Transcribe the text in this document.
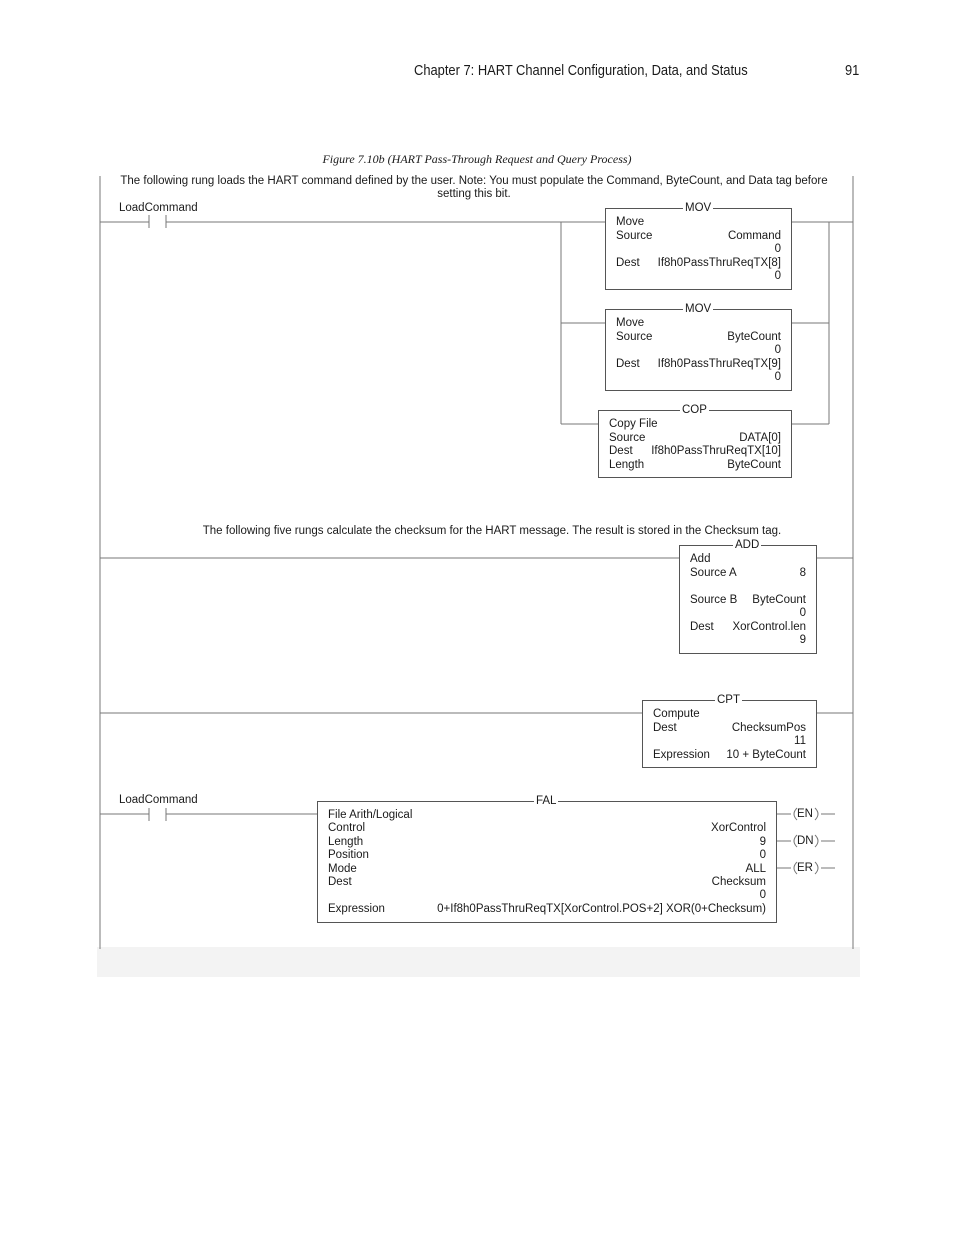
Chapter 7: HART Channel Configuration, Data, and Status	91
Figure 7.10b (HART Pass-Through Request and Query Process)
The following rung loads the HART command defined by the user. Note: You must populate the Command, ByteCount, and Data tag before setting this bit.
LoadCommand	MOV
Move
Source	Command
0
Dest If8h0PassThruReqTX[8]
0
MOV
Move
Source	ByteCount
0
Dest If8h0PassThruReqTX[9]
0
COP
Copy File
Source	DATA[0]
Dest If8h0PassThruReqTX[10]
Length	ByteCount
The following five rungs calculate the checksum for the HART message. The result is stored in the Checksum tag.
ADD
Add
Source A	8
Source B ByteCount
0
Dest XorControl.len
9
CPT
Compute
Dest	ChecksumPos
11
Expression 10 + ByteCount
LoadCommand	FAL
File Arith/Logical
Control	XorControl
Length	9
Position	0
Mode	ALL
Dest	Checksum
0
Expression	0+If8h0PassThruReqTX[XorControl.POS+2] XOR(0+Checksum)
EN
DN
ER
